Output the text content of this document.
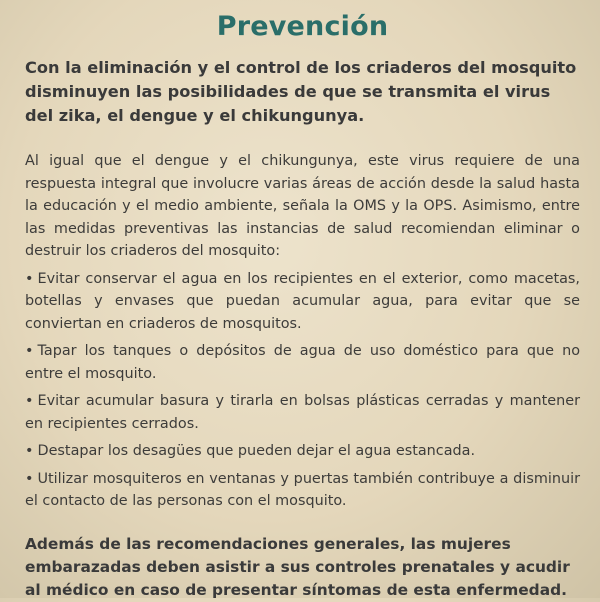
Prevención

Con la eliminación y el control de los criaderos del mosquito disminuyen las posibilidades de que se transmita el virus del zika, el dengue y el chikungunya.

Al igual que el dengue y el chikungunya, este virus requiere de una respuesta integral que involucre varias áreas de acción desde la salud hasta la educación y el medio ambiente, señala la OMS y la OPS. Asimismo, entre las medidas preventivas las instancias de salud recomiendan eliminar o destruir los criaderos del mosquito:

• Evitar conservar el agua en los recipientes en el exterior, como macetas, botellas y envases que puedan acumular agua, para evitar que se conviertan en criaderos de mosquitos.
• Tapar los tanques o depósitos de agua de uso doméstico para que no entre el mosquito.
• Evitar acumular basura y tirarla en bolsas plásticas cerradas y mantener en recipientes cerrados.
• Destapar los desagües que pueden dejar el agua estancada.
• Utilizar mosquiteros en ventanas y puertas también contribuye a disminuir el contacto de las personas con el mosquito.

Además de las recomendaciones generales, las mujeres embarazadas deben asistir a sus controles prenatales y acudir al médico en caso de presentar síntomas de esta enfermedad.
